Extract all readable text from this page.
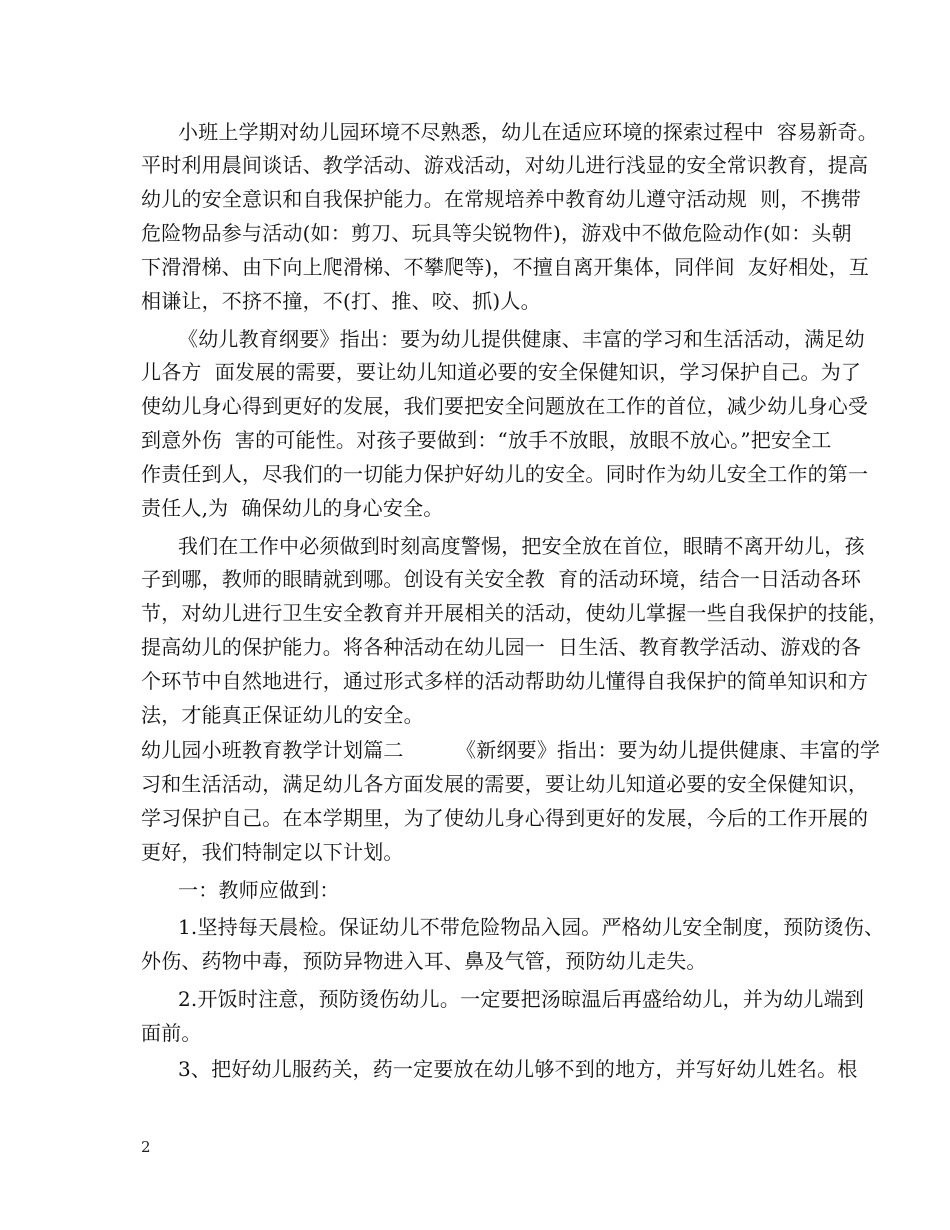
小班上学期对幼儿园环境不尽熟悉，幼儿在适应环境的探索过程中  容易新奇。
平时利用晨间谈话、教学活动、游戏活动，对幼儿进行浅显的安全常识教育，提高
幼儿的安全意识和自我保护能力。在常规培养中教育幼儿遵守活动规  则，不携带
危险物品参与活动(如：剪刀、玩具等尖锐物件)，游戏中不做危险动作(如：头朝
下滑滑梯、由下向上爬滑梯、不攀爬等)，不擅自离开集体，同伴间  友好相处，互
相谦让，不挤不撞，不(打、推、咬、抓)人。
《幼儿教育纲要》指出：要为幼儿提供健康、丰富的学习和生活活动，满足幼
儿各方  面发展的需要，要让幼儿知道必要的安全保健知识，学习保护自己。为了
使幼儿身心得到更好的发展，我们要把安全问题放在工作的首位，减少幼儿身心受
到意外伤  害的可能性。对孩子要做到：“放手不放眼，放眼不放心。”把安全工
作责任到人，尽我们的一切能力保护好幼儿的安全。同时作为幼儿安全工作的第一
责任人,为  确保幼儿的身心安全。
我们在工作中必须做到时刻高度警惕，把安全放在首位，眼睛不离开幼儿，孩
子到哪，教师的眼睛就到哪。创设有关安全教  育的活动环境，结合一日活动各环
节，对幼儿进行卫生安全教育并开展相关的活动，使幼儿掌握一些自我保护的技能，
提高幼儿的保护能力。将各种活动在幼儿园一  日生活、教育教学活动、游戏的各
个环节中自然地进行，通过形式多样的活动帮助幼儿懂得自我保护的简单知识和方
法，才能真正保证幼儿的安全。
幼儿园小班教育教学计划篇二        《新纲要》指出：要为幼儿提供健康、丰富的学
习和生活活动，满足幼儿各方面发展的需要，要让幼儿知道必要的安全保健知识，
学习保护自己。在本学期里，为了使幼儿身心得到更好的发展，今后的工作开展的
更好，我们特制定以下计划。
一：教师应做到：
1.坚持每天晨检。保证幼儿不带危险物品入园。严格幼儿安全制度，预防烫伤、
外伤、药物中毒，预防异物进入耳、鼻及气管，预防幼儿走失。
2.开饭时注意，预防烫伤幼儿。一定要把汤晾温后再盛给幼儿，并为幼儿端到
面前。
3、把好幼儿服药关，药一定要放在幼儿够不到的地方，并写好幼儿姓名。根
2
